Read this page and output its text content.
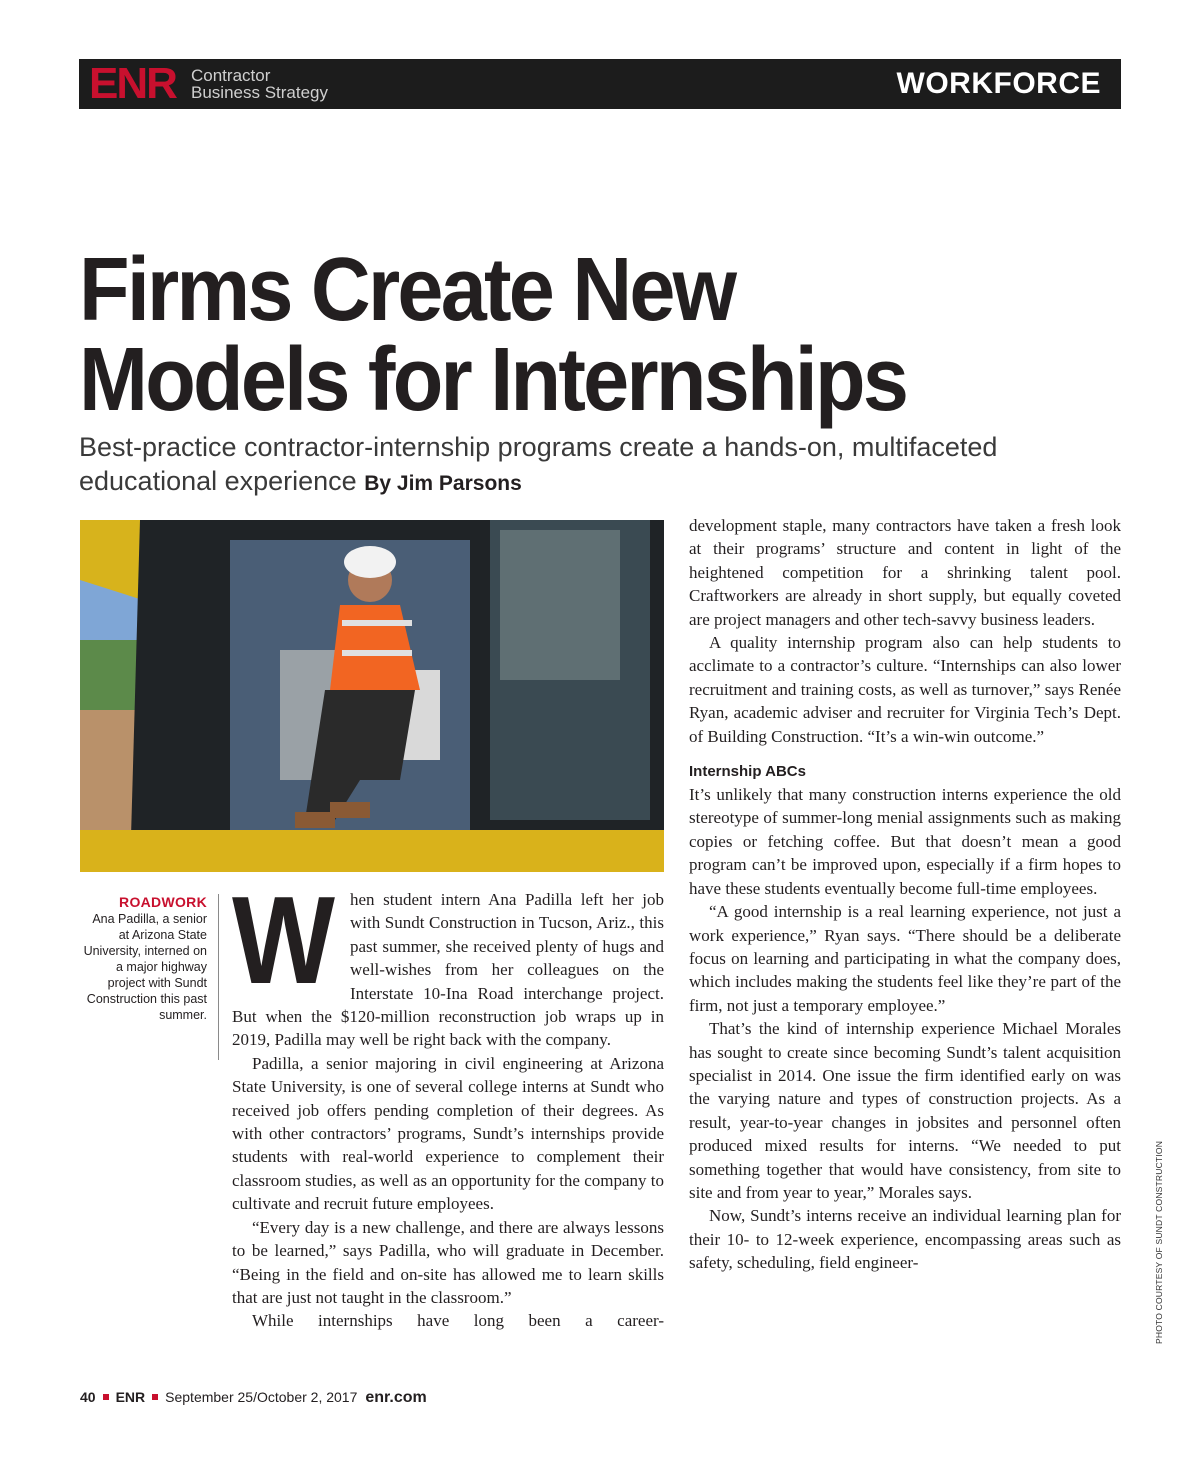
ENR Contractor
Business Strategy	WORKFORCE
Firms Create New
Models for Internships
Best-practice contractor-internship programs create a hands-on, multifaceted educational experience By Jim Parsons
ROADWORK
Ana Padilla, a senior at Arizona State University, interned on a major highway project with Sundt Construction this past summer.

When student intern Ana Padilla left her job with Sundt Construction in Tucson, Ariz., this past summer, she received plenty of hugs and well-wishes from her colleagues on the Interstate 10-Ina Road interchange project. But when the $120-million reconstruction job wraps up in 2019, Padilla may well be right back with the company.

Padilla, a senior majoring in civil engineering at Arizona State University, is one of several college interns at Sundt who received job offers pending completion of their degrees. As with other contractors’ programs, Sundt’s internships provide students with real-world experience to complement their classroom studies, as well as an opportunity for the company to cultivate and recruit future employees.

“Every day is a new challenge, and there are always lessons to be learned,” says Padilla, who will graduate in December. “Being in the field and on-site has allowed me to learn skills that are just not taught in the classroom.”

While internships have long been a career-

development staple, many contractors have taken a fresh look at their programs’ structure and content in light of the heightened competition for a shrinking talent pool. Craftworkers are already in short supply, but equally coveted are project managers and other tech-savvy business leaders.

A quality internship program also can help students to acclimate to a contractor’s culture. “Internships can also lower recruitment and training costs, as well as turnover,” says Renée Ryan, academic adviser and recruiter for Virginia Tech’s Dept. of Building Construction. “It’s a win-win outcome.”

Internship ABCs

It’s unlikely that many construction interns experience the old stereotype of summer-long menial assignments such as making copies or fetching coffee. But that doesn’t mean a good program can’t be improved upon, especially if a firm hopes to have these students eventually become full-time employees.

“A good internship is a real learning experience, not just a work experience,” Ryan says. “There should be a deliberate focus on learning and participating in what the company does, which includes making the students feel like they’re part of the firm, not just a temporary employee.”

That’s the kind of internship experience Michael Morales has sought to create since becoming Sundt’s talent acquisition specialist in 2014. One issue the firm identified early on was the varying nature and types of construction projects. As a result, year-to-year changes in jobsites and personnel often produced mixed results for interns. “We needed to put something together that would have consistency, from site to site and from year to year,” Morales says.

Now, Sundt’s interns receive an individual learning plan for their 10- to 12-week experience, encompassing areas such as safety, scheduling, field engineer-	PHOTO COURTESY OF SUNDT CONSTRUCTION
40 ENR September 25/October 2, 2017 enr.com
